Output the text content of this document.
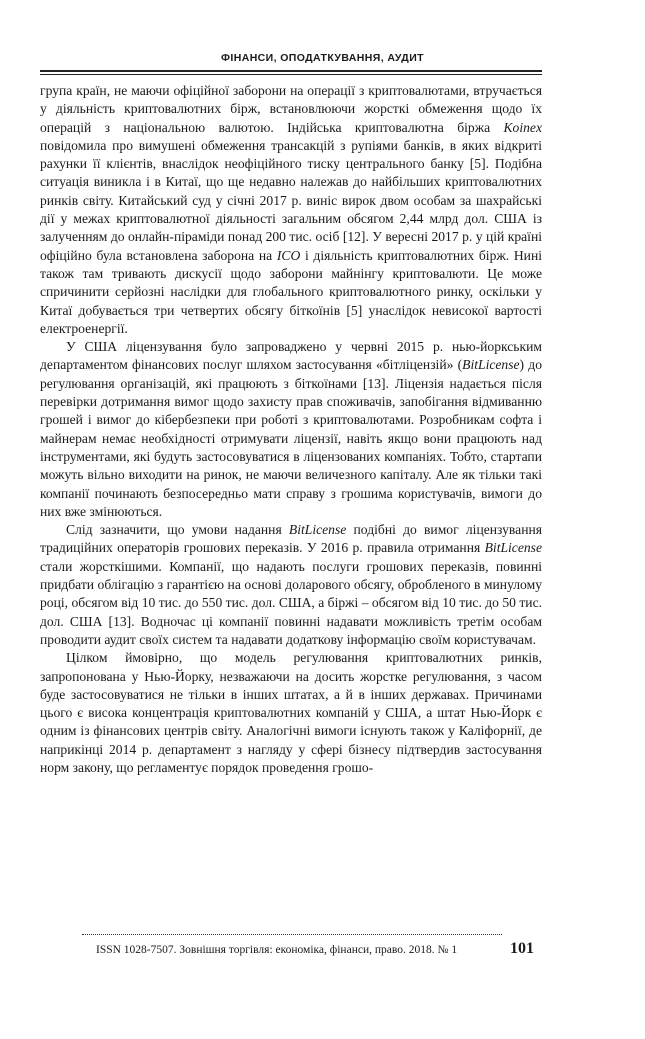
ФІНАНСИ, ОПОДАТКУВАННЯ, АУДИТ

група країн, не маючи офіційної заборони на операції з криптовалютами, втручається у діяльність криптовалютних бірж, встановлюючи жорсткі обмеження щодо їх операцій з національною валютою. Індійська криптовалютна біржа Koinex повідомила про вимушені обмеження трансакцій з рупіями банків, в яких відкриті рахунки її клієнтів, внаслідок неофіційного тиску центрального банку [5]. Подібна ситуація виникла і в Китаї, що ще недавно належав до найбільших криптовалютних ринків світу. Китайський суд у січні 2017 р. виніс вирок двом особам за шахрайські дії у межах криптовалютної діяльності загальним обсягом 2,44 млрд дол. США із залученням до онлайн-піраміди понад 200 тис. осіб [12]. У вересні 2017 р. у цій країні офіційно була встановлена заборона на ICO і діяльність криптовалютних бірж. Нині також там тривають дискусії щодо заборони майнінгу криптовалюти. Це може спричинити серйозні наслідки для глобального криптовалютного ринку, оскільки у Китаї добувається три четвертих обсягу біткоїнів [5] унаслідок невисокої вартості електроенергії.

У США ліцензування було запроваджено у червні 2015 р. нью-йоркським департаментом фінансових послуг шляхом застосування «бітліцензій» (BitLicense) до регулювання організацій, які працюють з біткоїнами [13]. Ліцензія надається після перевірки дотримання вимог щодо захисту прав споживачів, запобігання відмиванню грошей і вимог до кібербезпеки при роботі з криптовалютами. Розробникам софта і майнерам немає необхідності отримувати ліцензії, навіть якщо вони працюють над інструментами, які будуть застосовуватися в ліцензованих компаніях. Тобто, стартапи можуть вільно виходити на ринок, не маючи величезного капіталу. Але як тільки такі компанії починають безпосередньо мати справу з грошима користувачів, вимоги до них вже змінюються.

Слід зазначити, що умови надання BitLicense подібні до вимог ліцензування традиційних операторів грошових переказів. У 2016 р. правила отримання BitLicense стали жорсткішими. Компанії, що надають послуги грошових переказів, повинні придбати облігацію з гарантією на основі доларового обсягу, обробленого в минулому році, обсягом від 10 тис. до 550 тис. дол. США, а біржі – обсягом від 10 тис. до 50 тис. дол. США [13]. Водночас ці компанії повинні надавати можливість третім особам проводити аудит своїх систем та надавати додаткову інформацію своїм користувачам.

Цілком ймовірно, що модель регулювання криптовалютних ринків, запропонована у Нью-Йорку, незважаючи на досить жорстке регулювання, з часом буде застосовуватися не тільки в інших штатах, а й в інших державах. Причинами цього є висока концентрація криптовалютних компаній у США, а штат Нью-Йорк є одним із фінансових центрів світу. Аналогічні вимоги існують також у Каліфорнії, де наприкінці 2014 р. департамент з нагляду у сфері бізнесу підтвердив застосування норм закону, що регламентує порядок проведення грошо-

ISSN 1028-7507. Зовнішня торгівля: економіка, фінанси, право. 2018. № 1	101
